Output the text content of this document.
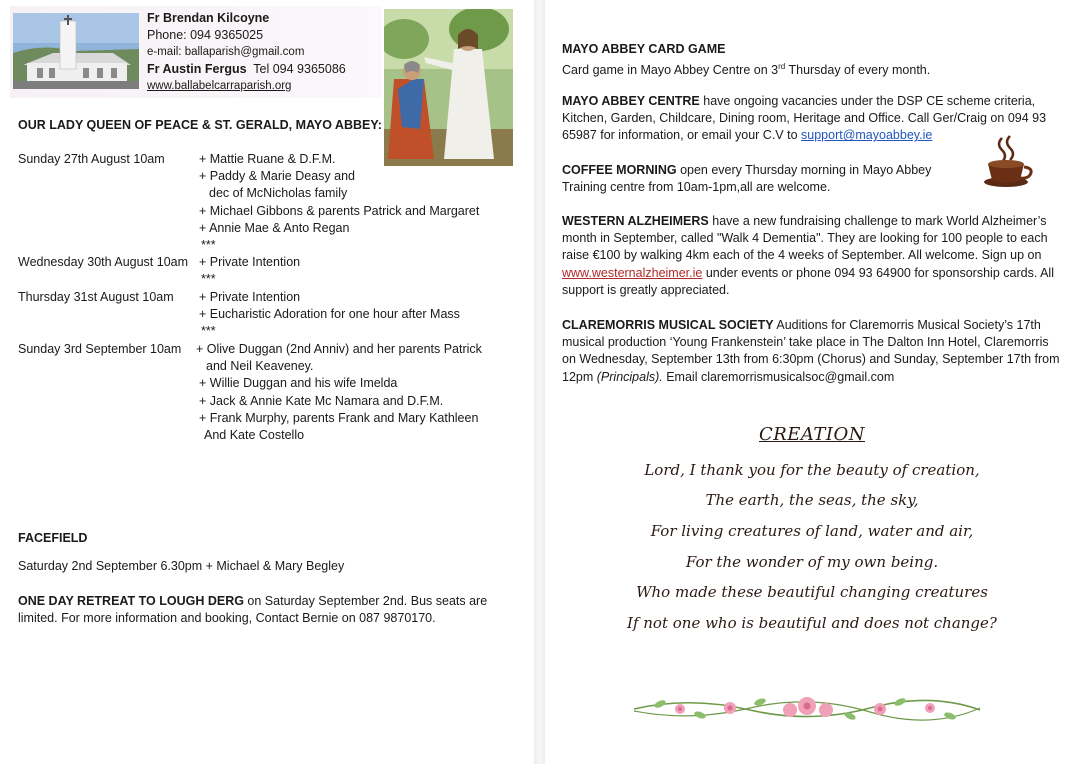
Fr Brendan Kilcoyne
Phone: 094 9365025
e-mail: ballaparish@gmail.com
Fr Austin Fergus Tel 094 9365086
www.ballabelcarraparish.org
OUR LADY QUEEN OF PEACE & ST. GERALD, MAYO ABBEY:
Sunday 27th August 10am	+ Mattie Ruane & D.F.M.
+ Paddy & Marie Deasy and
dec of McNicholas family
+ Michael Gibbons & parents Patrick and Margaret
+ Annie Mae & Anto Regan
***
Wednesday 30th August 10am + Private Intention
***
Thursday 31st August 10am + Private Intention
+ Eucharistic Adoration for one hour after Mass
***
Sunday 3rd September 10am + Olive Duggan (2nd Anniv) and her parents Patrick
and Neil Keaveney.
+ Willie Duggan and his wife Imelda
+ Jack & Annie Kate Mc Namara and D.F.M.
+ Frank Murphy, parents Frank and Mary Kathleen
And Kate Costello
FACEFIELD
Saturday 2nd September 6.30pm + Michael & Mary Begley
ONE DAY RETREAT TO LOUGH DERG on Saturday September 2nd. Bus seats are limited. For more information and booking, Contact Bernie on 087 9870170.
MAYO ABBEY CARD GAME
Card game in Mayo Abbey Centre on 3rd Thursday of every month.
MAYO ABBEY CENTRE have ongoing vacancies under the DSP CE scheme criteria, Kitchen, Garden, Childcare, Dining room, Heritage and Office. Call Ger/Craig on 094 93 65987 for information, or email your C.V to support@mayoabbey.ie
COFFEE MORNING open every Thursday morning in Mayo Abbey Training centre from 10am-1pm,all are welcome.
WESTERN ALZHEIMERS have a new fundraising challenge to mark World Alzheimer’s month in September, called "Walk 4 Dementia". They are looking for 100 people to each raise €100 by walking 4km each of the 4 weeks of September. All welcome. Sign up on www.westernalzheimer.ie under events or phone 094 93 64900 for sponsorship cards. All support is greatly appreciated.
CLAREMORRIS MUSICAL SOCIETY Auditions for Claremorris Musical Society’s 17th musical production ‘Young Frankenstein’ take place in The Dalton Inn Hotel, Claremorris on Wednesday, September 13th from 6:30pm (Chorus) and Sunday, September 17th from 12pm (Principals). Email claremorrismusicalsoc@gmail.com
CREATION
Lord, I thank you for the beauty of creation,
The earth, the seas, the sky,
For living creatures of land, water and air,
For the wonder of my own being.
Who made these beautiful changing creatures
If not one who is beautiful and does not change?
